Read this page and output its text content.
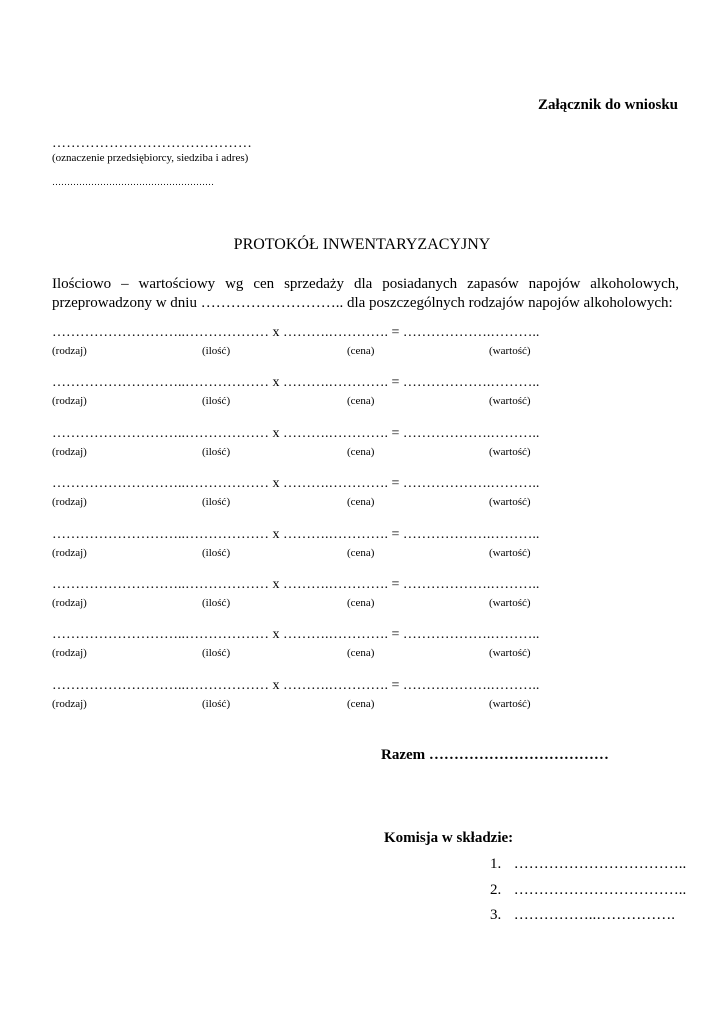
Załącznik do wniosku
……………………………………
(oznaczenie przedsiębiorcy, siedziba i adres)
………………………………………………
PROTOKÓŁ INWENTARYZACYJNY

Ilościowo – wartościowy wg cen sprzedaży dla posiadanych zapasów napojów alkoholowych,

przeprowadzony w dniu ……………………….. dla poszczególnych rodzajów napojów alkoholowych:

………………………..……………… x ……….…………. = ……………….………..
(rodzaj)	(ilość)	(cena)	(wartość)
………………………..……………… x ……….…………. = ……………….………..
(rodzaj)	(ilość)	(cena)	(wartość)
………………………..……………… x ……….…………. = ……………….………..
(rodzaj)	(ilość)	(cena)	(wartość)
………………………..……………… x ……….…………. = ……………….………..
(rodzaj)	(ilość)	(cena)	(wartość)
………………………..……………… x ……….…………. = ……………….………..
(rodzaj)	(ilość)	(cena)	(wartość)
………………………..……………… x ……….…………. = ……………….………..
(rodzaj)	(ilość)	(cena)	(wartość)
………………………..……………… x ……….…………. = ……………….………..
(rodzaj)	(ilość)	(cena)	(wartość)
………………………..……………… x ……….…………. = ……………….………..
(rodzaj)	(ilość)	(cena)	(wartość)
Razem ………………………………
Komisja w składzie:
1. ……………………………..
2. ……………………………..
3. ……………..…………….
